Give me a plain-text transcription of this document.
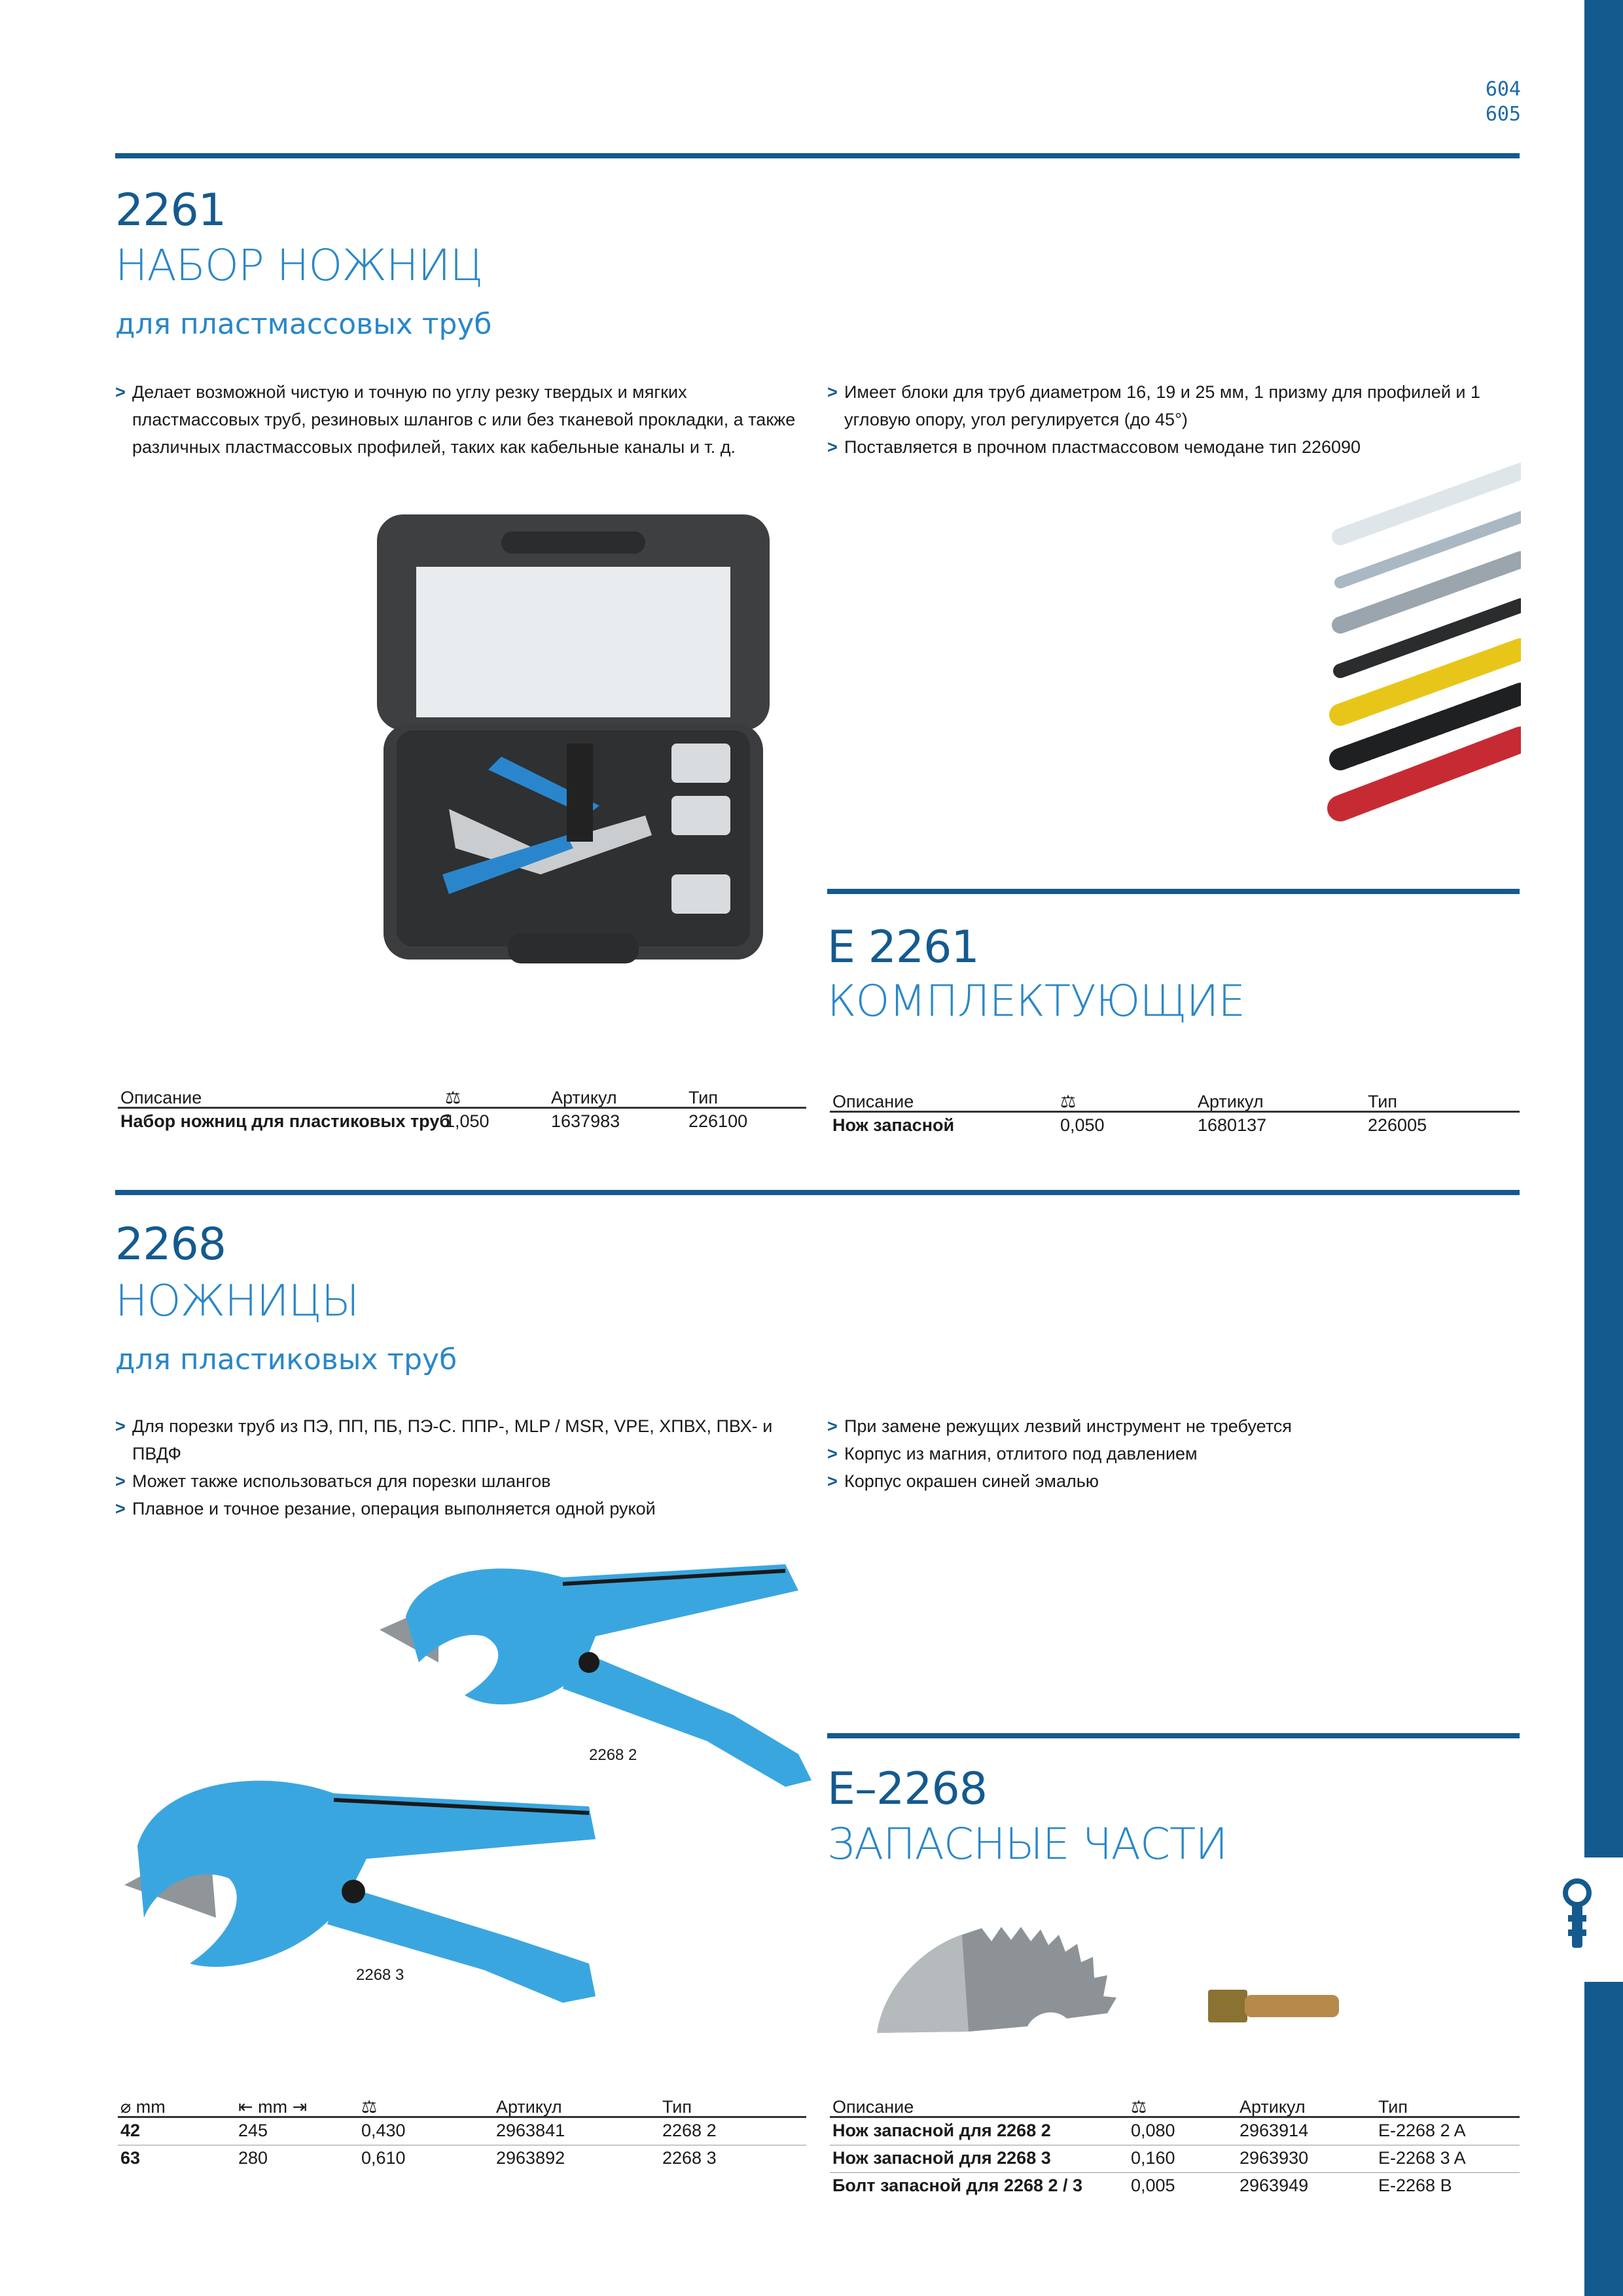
604
605
2261
НАБОР НОЖНИЦ
для пластмассовых труб
> Делает возможной чистую и точную по углу резку твердых и мягких пластмассовых труб, резиновых шлангов с или без тканевой прокладки, а также различных пластмассовых профилей, таких как кабельные каналы и т. д.
> Имеет блоки для труб диаметром 16, 19 и 25 мм, 1 призму для профилей и 1 угловую опору, угол регулируется (до 45°)
> Поставляется в прочном пластмассовом чемодане тип 226090
E 2261
КОМПЛЕКТУЮЩИЕ
Описание	⚖	Артикул	Тип
Набор ножниц для пластиковых труб
1,050	1637983	226100
Описание	⚖	Артикул	Тип
Нож запасной	0,050	1680137	226005
2268
НОЖНИЦЫ
для пластиковых труб
> Для порезки труб из ПЭ, ПП, ПБ, ПЭ-С. ППР-, MLP / MSR, VPE, ХПВХ, ПВХ- и ПВДФ
> Может также использоваться для порезки шлангов
> Плавное и точное резание, операция выполняется одной рукой
> При замене режущих лезвий инструмент не требуется
> Корпус из магния, отлитого под давлением
> Корпус окрашен синей эмалью
2268 2
2268 3
E–2268
ЗАПАСНЫЕ ЧАСТИ
⌀ mm	⇤ mm ⇥	⚖	Артикул	Тип
42	245	0,430	2963841	2268 2
63	280	0,610	2963892	2268 3
Описание	⚖	Артикул	Тип
Нож запасной для 2268 2	0,080	2963914	E-2268 2 A
Нож запасной для 2268 3	0,160	2963930	E-2268 3 A
Болт запасной для 2268 2 / 3	0,005	2963949	E-2268 B
